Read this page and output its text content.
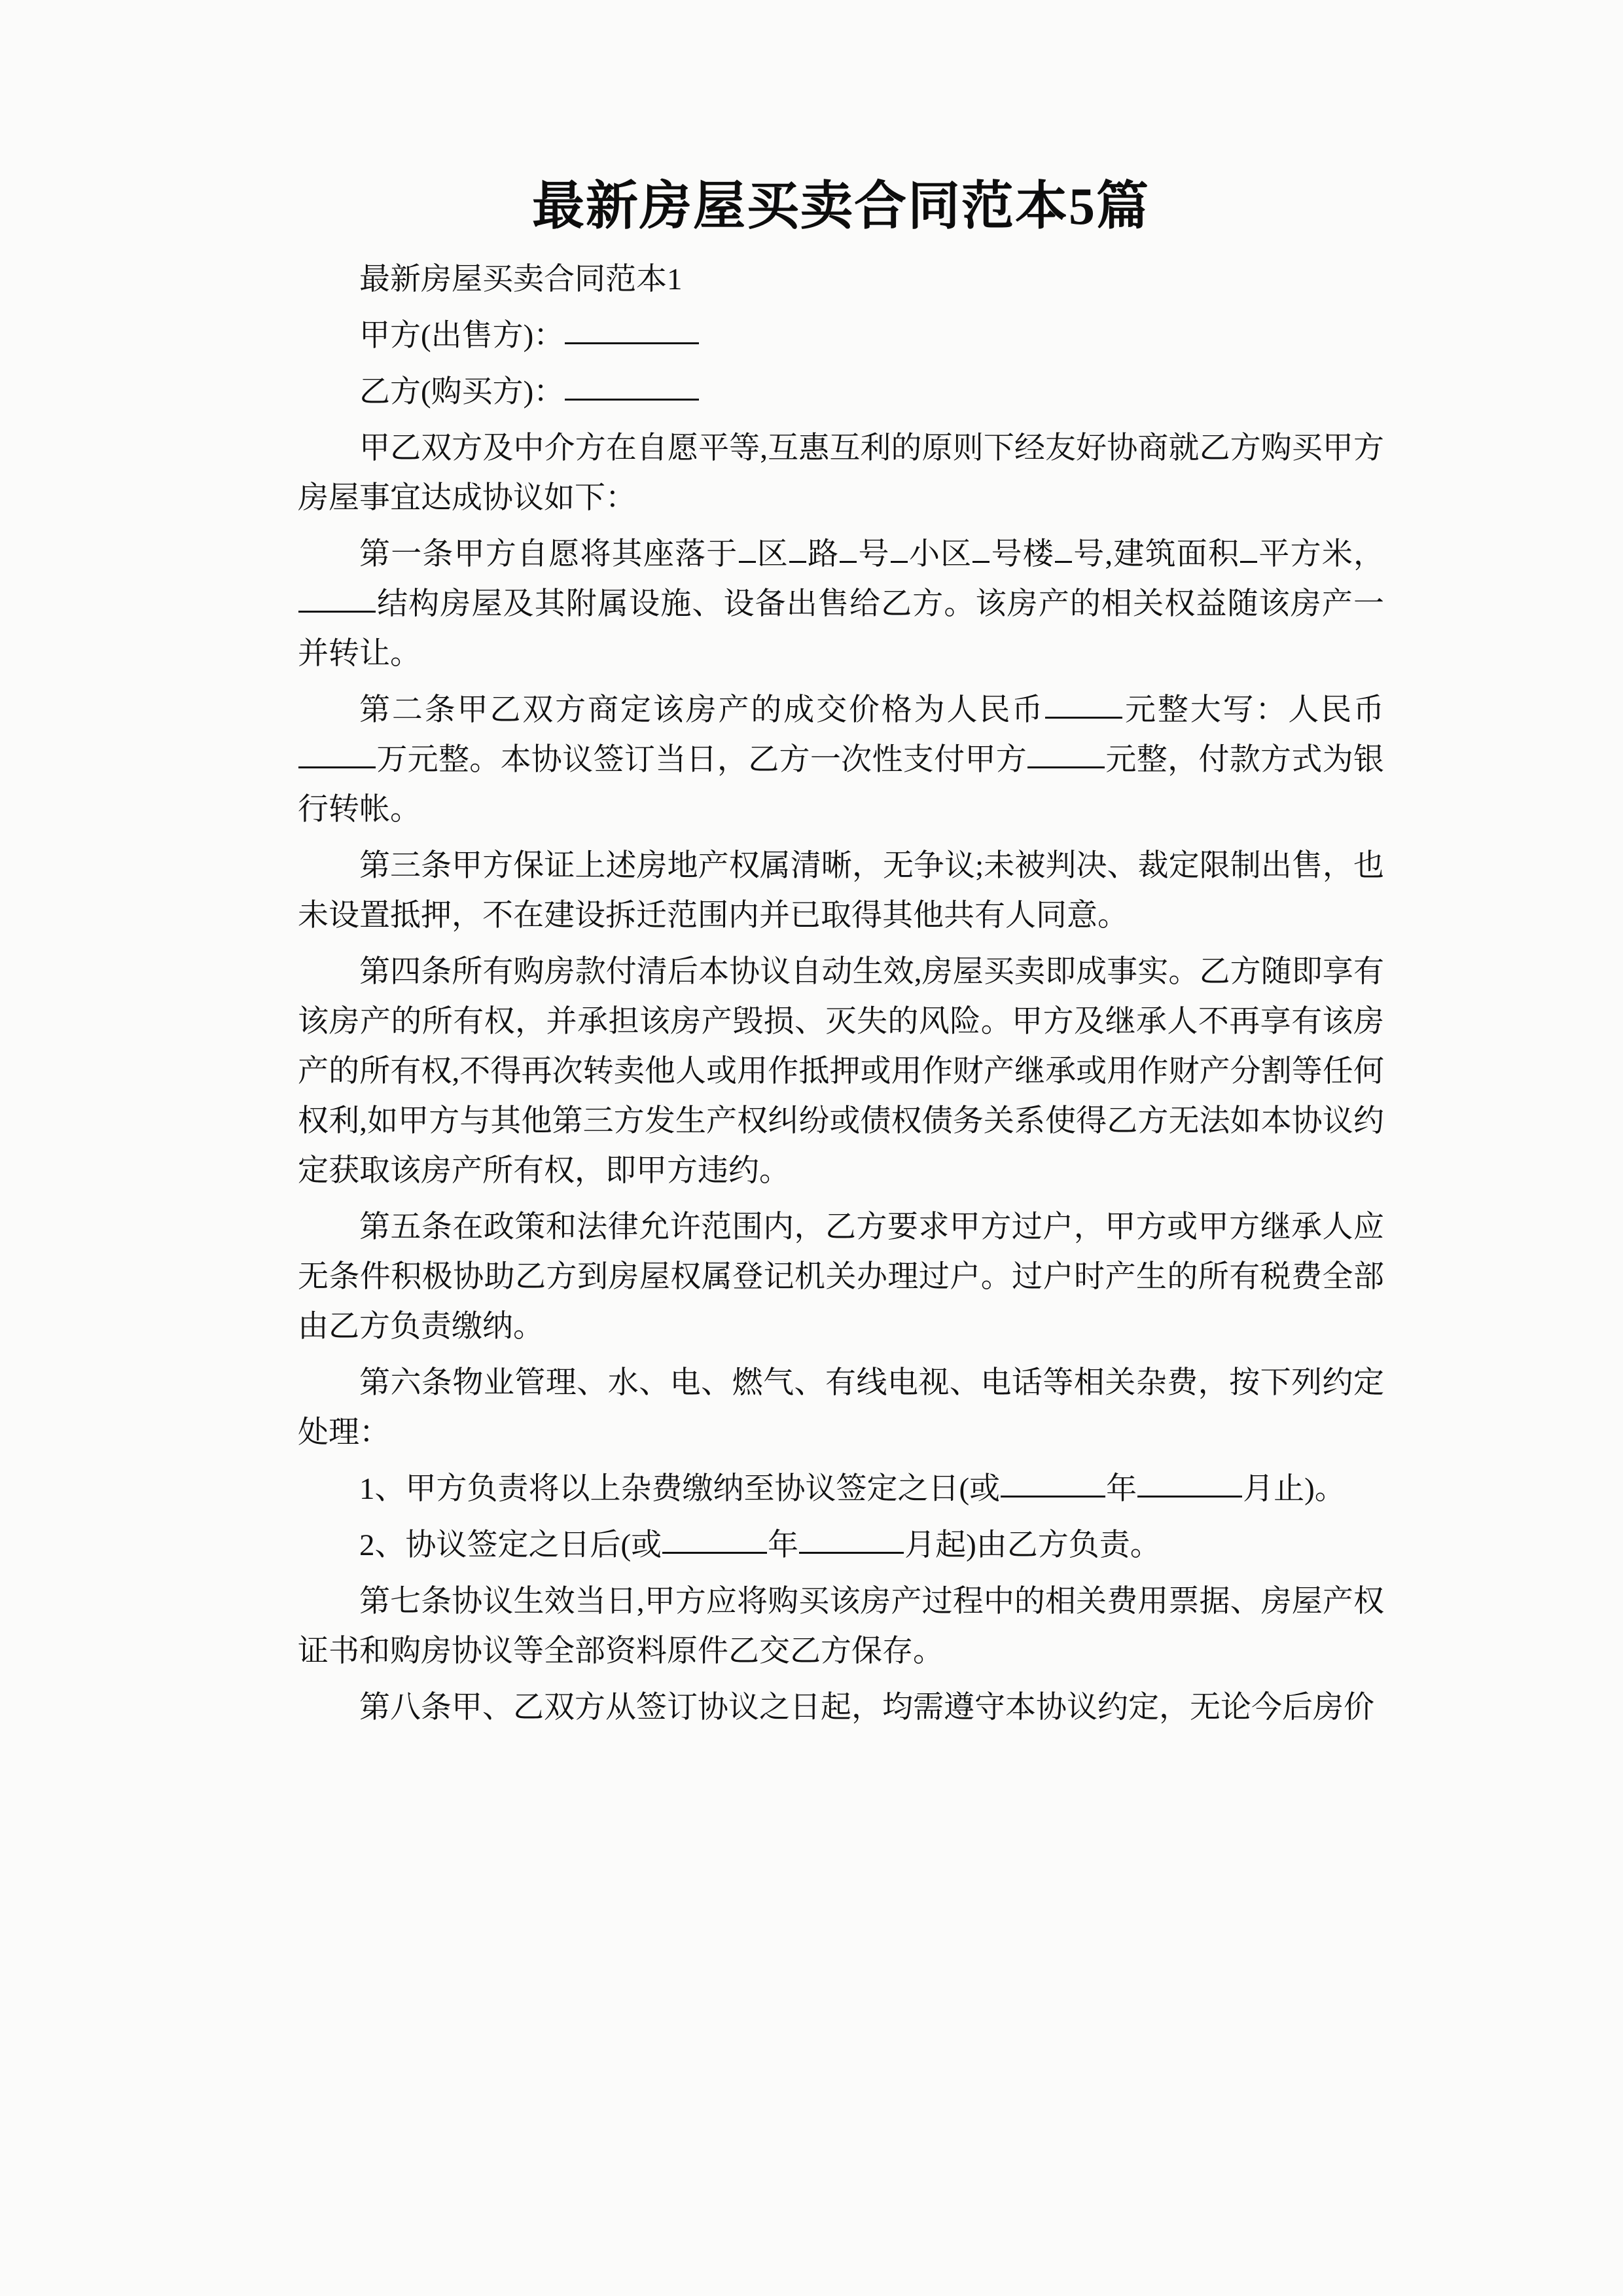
最新房屋买卖合同范本5篇

最新房屋买卖合同范本1

甲方(出售方)：

乙方(购买方)：

甲乙双方及中介方在自愿平等,互惠互利的原则下经友好协商就乙方购买甲方房屋事宜达成协议如下：

第一条甲方自愿将其座落于 区 路 号 小区 号楼 号,建筑面积 平方米，结构房屋及其附属设施、设备出售给乙方。该房产的相关权益随该房产一并转让。

第二条甲乙双方商定该房产的成交价格为人民币	元整大写：人民币万元整。本协议签订当日，乙方一次性支付甲方	元整，付款方式为银行转帐。

第三条甲方保证上述房地产权属清晰，无争议;未被判决、裁定限制出售，也未设置抵押，不在建设拆迁范围内并已取得其他共有人同意。

第四条所有购房款付清后本协议自动生效,房屋买卖即成事实。乙方随即享有该房产的所有权，并承担该房产毁损、灭失的风险。甲方及继承人不再享有该房产的所有权,不得再次转卖他人或用作抵押或用作财产继承或用作财产分割等任何权利,如甲方与其他第三方发生产权纠纷或债权债务关系使得乙方无法如本协议约定获取该房产所有权，即甲方违约。

第五条在政策和法律允许范围内，乙方要求甲方过户，甲方或甲方继承人应无条件积极协助乙方到房屋权属登记机关办理过户。过户时产生的所有税费全部由乙方负责缴纳。

第六条物业管理、水、电、燃气、有线电视、电话等相关杂费，按下列约定处理：

1、甲方负责将以上杂费缴纳至协议签定之日(或	年	月止)。

2、协议签定之日后(或	年	月起)由乙方负责。

第七条协议生效当日,甲方应将购买该房产过程中的相关费用票据、房屋产权证书和购房协议等全部资料原件乙交乙方保存。

第八条甲、乙双方从签订协议之日起，均需遵守本协议约定，无论今后房价
